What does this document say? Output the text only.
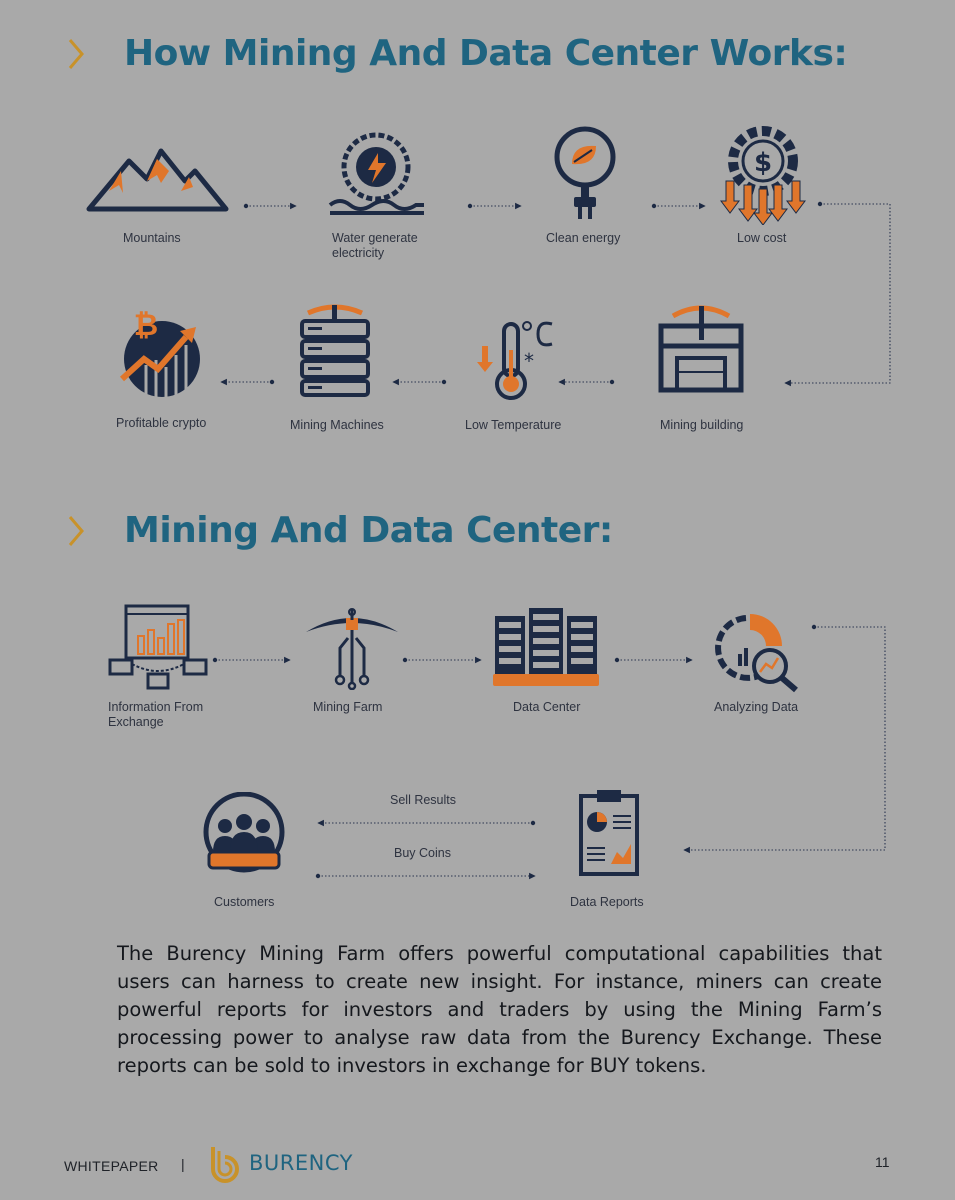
How Mining And Data Center Works:
Mining And Data Center:
$
*
₿
Mountains	Water generate electricity
Clean energy	Low cost
Mining building
Low Temperature
Mining Machines
Profitable crypto
Information From Exchange
Mining Farm	Data Center	Analyzing Data
Data Reports
Customers
Sell Results
Buy Coins
The Burency Mining Farm offers powerful computational capabilities that users can harness to create new insight. For instance, miners can create powerful reports for investors and traders by using the Mining Farm’s processing power to analyse raw data from the Burency Exchange. These reports can be sold to investors in exchange for BUY tokens.
WHITEPAPER |	BURENCY	11
